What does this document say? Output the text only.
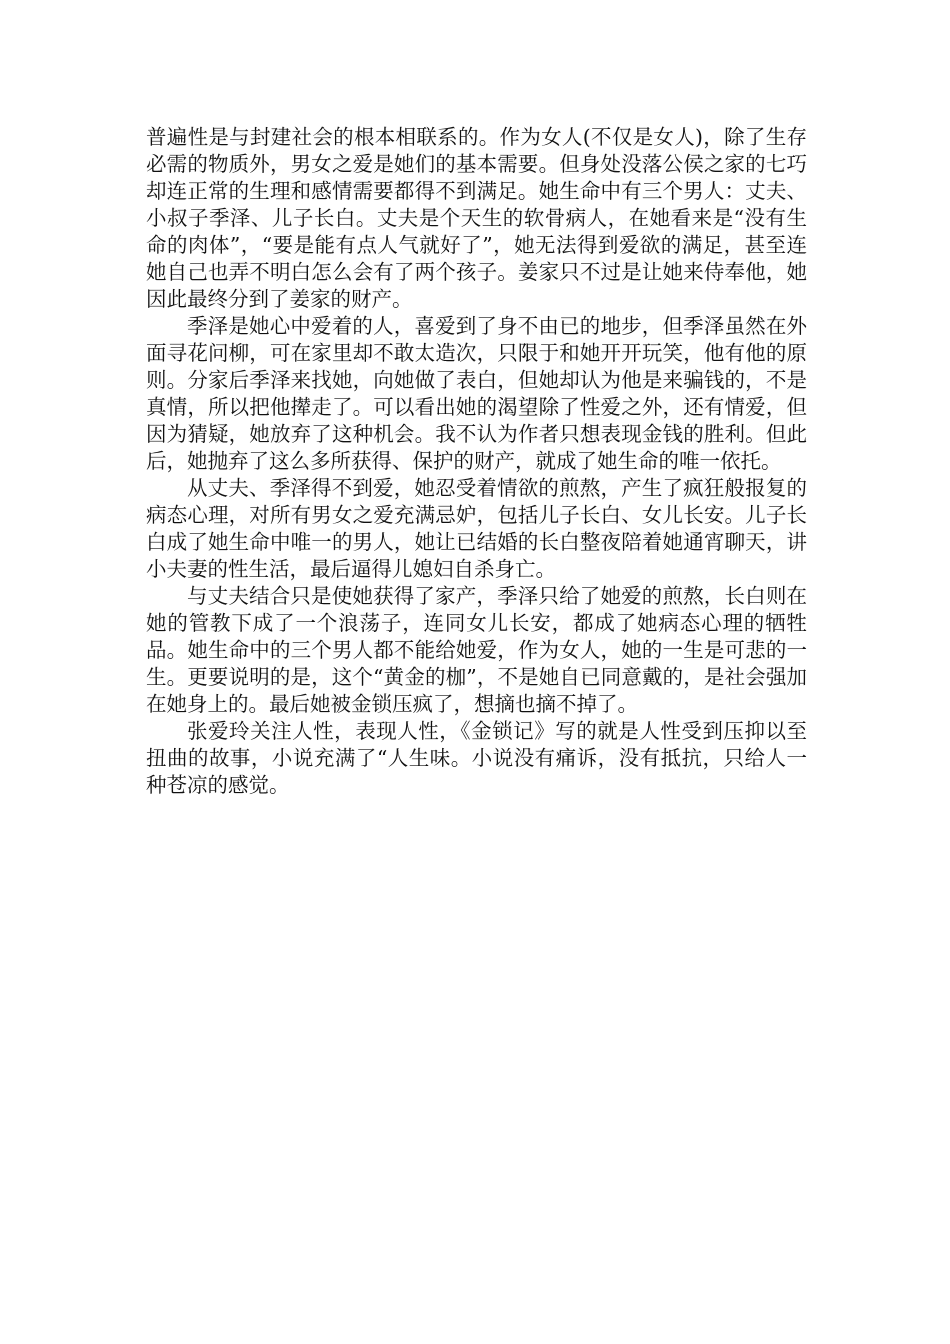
普遍性是与封建社会的根本相联系的。作为女人(不仅是女人)，除了生存必需的物质外，男女之爱是她们的基本需要。但身处没落公侯之家的七巧却连正常的生理和感情需要都得不到满足。她生命中有三个男人：丈夫、小叔子季泽、儿子长白。丈夫是个天生的软骨病人，在她看来是“没有生命的肉体”，“要是能有点人气就好了”，她无法得到爱欲的满足，甚至连她自己也弄不明白怎么会有了两个孩子。姜家只不过是让她来侍奉他，她因此最终分到了姜家的财产。

季泽是她心中爱着的人，喜爱到了身不由已的地步，但季泽虽然在外面寻花问柳，可在家里却不敢太造次，只限于和她开开玩笑，他有他的原则。分家后季泽来找她，向她做了表白，但她却认为他是来骗钱的，不是真情，所以把他撵走了。可以看出她的渴望除了性爱之外，还有情爱，但因为猜疑，她放弃了这种机会。我不认为作者只想表现金钱的胜利。但此后，她抛弃了这么多所获得、保护的财产，就成了她生命的唯一依托。

从丈夫、季泽得不到爱，她忍受着情欲的煎熬，产生了疯狂般报复的病态心理，对所有男女之爱充满忌妒，包括儿子长白、女儿长安。儿子长白成了她生命中唯一的男人，她让已结婚的长白整夜陪着她通宵聊天，讲小夫妻的性生活，最后逼得儿媳妇自杀身亡。

与丈夫结合只是使她获得了家产，季泽只给了她爱的煎熬，长白则在她的管教下成了一个浪荡子，连同女儿长安，都成了她病态心理的牺牲品。她生命中的三个男人都不能给她爱，作为女人，她的一生是可悲的一生。更要说明的是，这个“黄金的枷”，不是她自已同意戴的，是社会强加在她身上的。最后她被金锁压疯了，想摘也摘不掉了。

张爱玲关注人性，表现人性，《金锁记》写的就是人性受到压抑以至扭曲的故事，小说充满了“人生味。小说没有痛诉，没有抵抗，只给人一种苍凉的感觉。
